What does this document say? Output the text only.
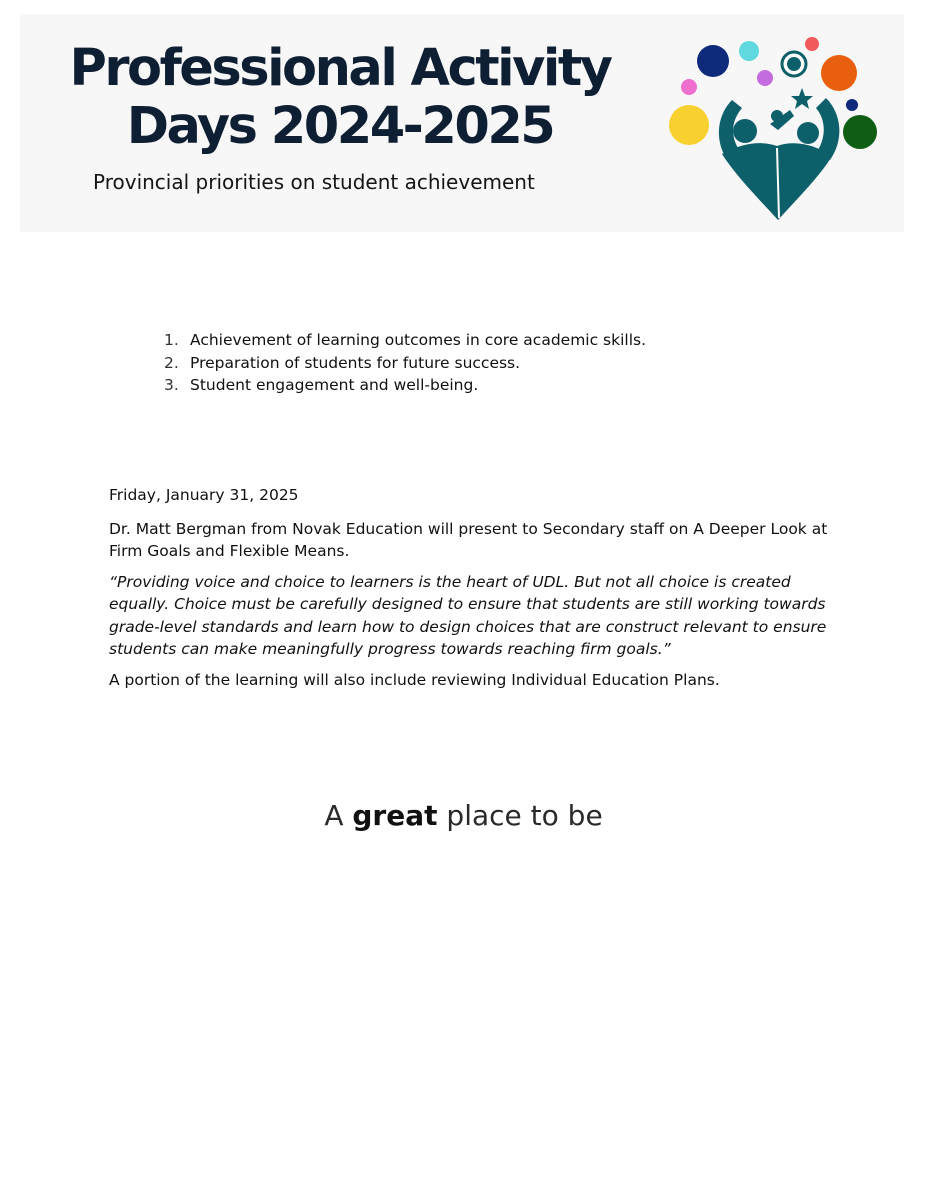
Professional Activity
Days 2024-2025
Provincial priorities on student achievement
1. Achievement of learning outcomes in core academic skills.
2. Preparation of students for future success.
3. Student engagement and well-being.

Friday, January 31, 2025

Dr. Matt Bergman from Novak Education will present to Secondary staff on A Deeper Look at Firm Goals and Flexible Means.

“Providing voice and choice to learners is the heart of UDL. But not all choice is created equally. Choice must be carefully designed to ensure that students are still working towards grade-level standards and learn how to design choices that are construct relevant to ensure students can make meaningfully progress towards reaching firm goals.”

A portion of the learning will also include reviewing Individual Education Plans.

A great place to be
